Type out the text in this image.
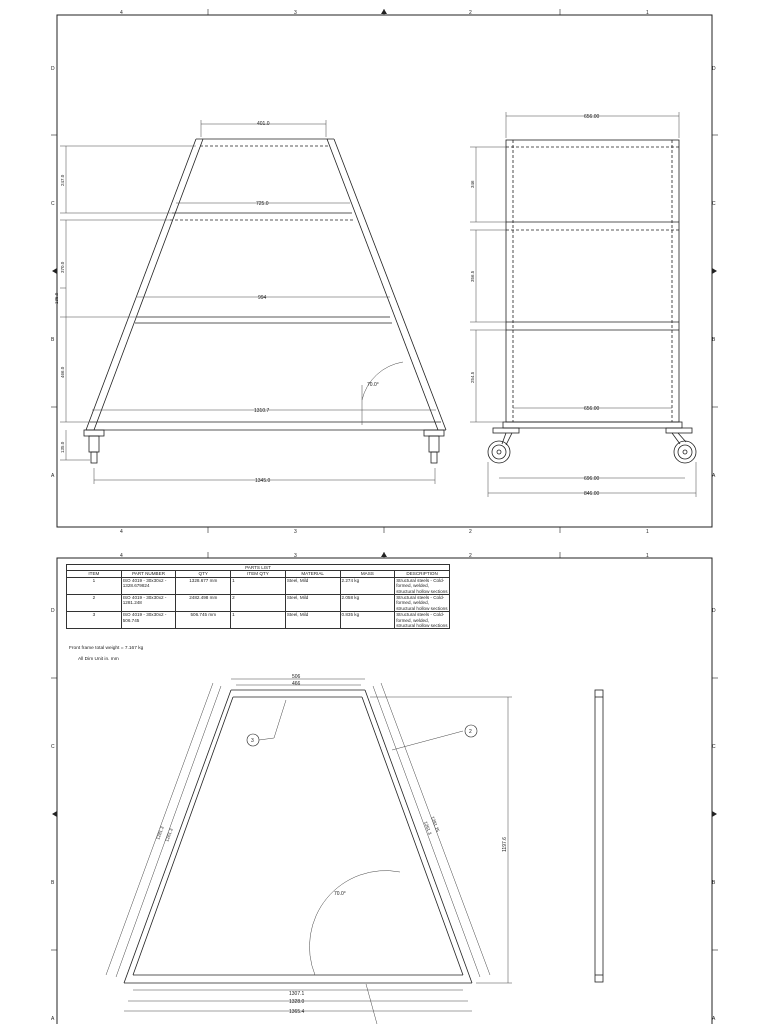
4	3	2	1
4	3	2	1
D
C
B
A
D
C
B
A
401.0
725.0
994
1310.7
1345.0
247.0
370.0
135.0
466.0
135.0
70.0°
656.00
656.00
696.00
846.00
346
356.5
254.5
4	3	2	1
D
C
B
A
D
C
B
A
3
2
506
466
1307.1
1328.0
1365.4
1197.6
70.0°
1281.3 1261.3
1281.25
1261.3
PARTS LIST						
ITEM	PART NUMBER	QTY	ITEM QTY	MATERIAL	MASS	DESCRIPTION
1	ISO 4019 - 30x30x2 - 1328.679824	1328.677 mm	1	Steel, Mild	2.274 kg	Structural steels - Cold-formed, welded, structural hollow sections
2	ISO 4019 - 30x30x2 - 1281.248	2482.498 mm	2	Steel, Mild	2.058 kg	Structural steels - Cold-formed, welded, structural hollow sections
3	ISO 4019 - 30x30x2 - 506.745	506.745 mm	1	Steel, Mild	0.835 kg	Structural steels - Cold-formed, welded, structural hollow sections
Front frame total weight = 7.167 kg
All Dim Unit in. mm
